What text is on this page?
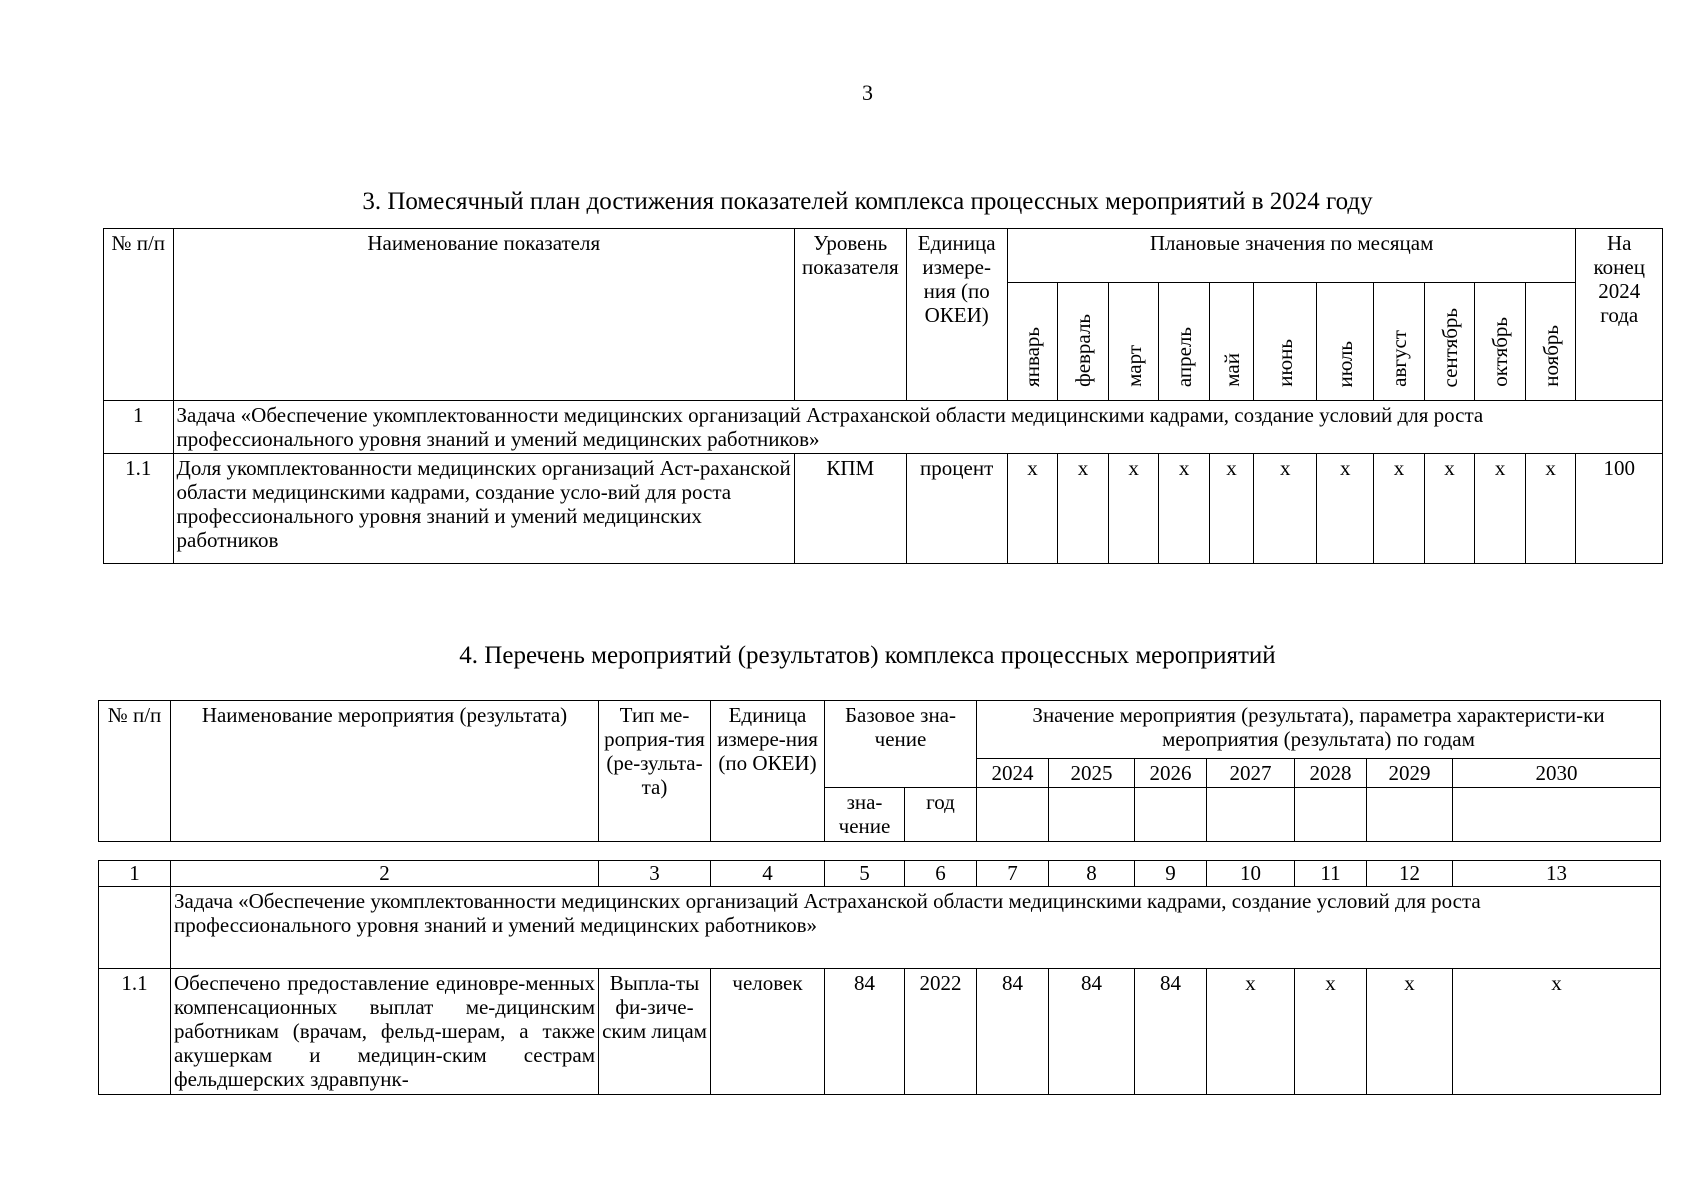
3
3. Помесячный план достижения показателей комплекса процессных мероприятий в 2024 году
№ п/п	Наименование показателя	Уровень показателя	Единица измере-ния (по ОКЕИ)	Плановые значения по месяцам											На конец 2024 года
				январь	февраль	март	апрель	май	июнь	июль	август	сентябрь	октябрь	ноябрь	
1	Задача «Обеспечение укомплектованности медицинских организаций Астраханской области медицинскими кадрами, создание условий для роста профессионального уровня знаний и умений медицинских работников»														
1.1	Доля укомплектованности медицинских организаций Аст-раханской области медицинскими кадрами, создание усло-вий для роста профессионального уровня знаний и умений медицинских работников	КПМ	процент	х	х	х	х	х	х	х	х	х	х	х	100
4. Перечень мероприятий (результатов) комплекса процессных мероприятий
№ п/п	Наименование мероприятия (результата)	Тип ме-роприя-тия (ре-зульта-та)	Единица измере-ния (по ОКЕИ)	Базовое зна-чение		Значение мероприятия (результата), параметра характеристи-ки мероприятия (результата) по годам						
						2024	2025	2026	2027	2028	2029	2030
				зна-чение	год							
1	2	3	4	5	6	7	8	9	10	11	12	13
	Задача «Обеспечение укомплектованности медицинских организаций Астраханской области медицинскими кадрами, создание условий для роста профессионального уровня знаний и умений медицинских работников»											
1.1	Обеспечено предоставление единовре-менных компенсационных выплат ме-дицинским работникам (врачам, фельд-шерам, а также акушеркам и медицин-ским сестрам фельдшерских здравпунк-	Выпла-ты фи-зиче-ским лицам	человек	84	2022	84	84	84	х	х	х	х
